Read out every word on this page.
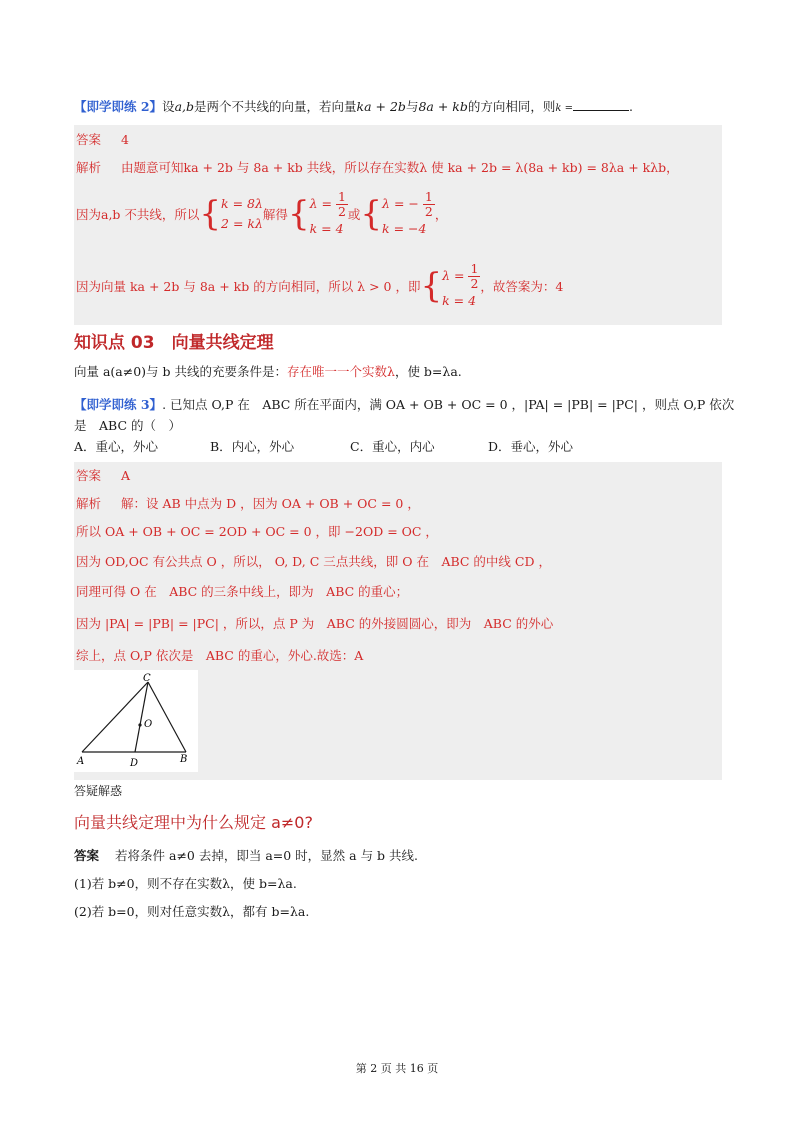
【即学即练 2】设a,b是两个不共线的向量，若向量ka + 2b与8a + kb的方向相同，则k =	.
答案 4
解析 由题意可知ka + 2b 与 8a + kb 共线，所以存在实数λ 使 ka + 2b = λ(8a + kb) = 8λa + kλb，
因为a,b 不共线，所以 { k = 8λ
2 = kλ
解得 { $\lambda = \frac{1}{2}$
k = 4
或 { λ = − $\frac{1}{2}$
k = −4
，
因为向量 ka + 2b 与 8a + kb 的方向相同，所以 λ > 0 ，即 { $\lambda = \frac{1}{2}$
k = 4
，故答案为：4
知识点 03　向量共线定理
向量 a(a≠0)与 b 共线的充要条件是：存在唯一一个实数λ，使 b=λa.
【即学即练 3】. 已知点 O,P 在　ABC 所在平面内，满 OA + OB + OC = 0 ，|PA| = |PB| = |PC| ，则点 O,P 依次
是　ABC 的（　）
A．重心，外心	B．内心，外心	C．重心，内心	D．垂心，外心
答案 A
解析 解：设 AB 中点为 D ，因为 OA + OB + OC = 0 ，
所以 OA + OB + OC = 2OD + OC = 0 ，即 −2OD = OC ，
因为 OD,OC 有公共点 O ，所以， O, D, C 三点共线，即 O 在　ABC 的中线 CD ，
同理可得 O 在　ABC 的三条中线上，即为　ABC 的重心；
因为 |PA| = |PB| = |PC| ，所以，点 P 为　ABC 的外接圆圆心，即为　ABC 的外心
综上，点 O,P 依次是　ABC 的重心，外心.故选：A
C
O
A	D	B
答疑解惑
向量共线定理中为什么规定 a≠0?
答案 若将条件 a≠0 去掉，即当 a=0 时，显然 a 与 b 共线.
(1)若 b≠0，则不存在实数λ，使 b=λa.
(2)若 b=0，则对任意实数λ，都有 b=λa.
第 2 页 共 16 页
